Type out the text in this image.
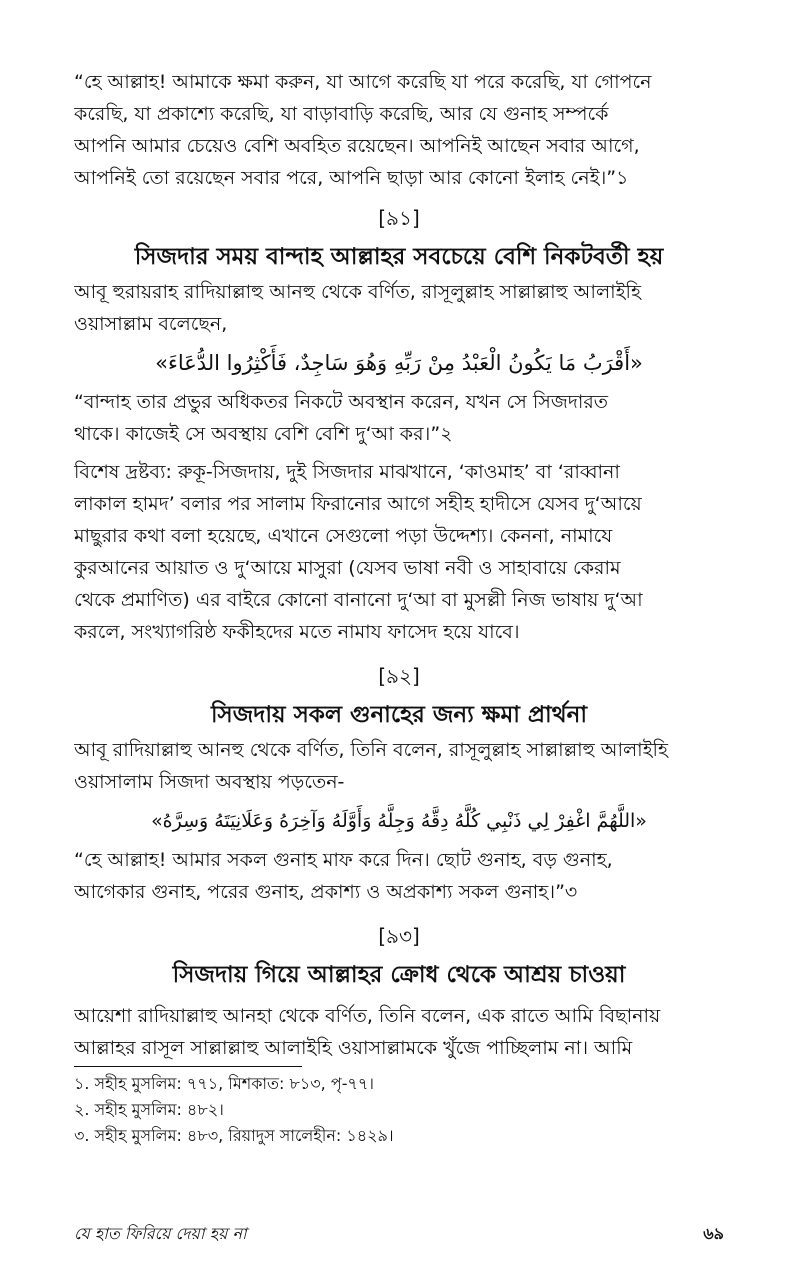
“হে আল্লাহ! আমাকে ক্ষমা করুন, যা আগে করেছি যা পরে করেছি, যা গোপনে
করেছি, যা প্রকাশ্যে করেছি, যা বাড়াবাড়ি করেছি, আর যে গুনাহ সম্পর্কে
আপনি আমার চেয়েও বেশি অবহিত রয়েছেন। আপনিই আছেন সবার আগে,
আপনিই তো রয়েছেন সবার পরে, আপনি ছাড়া আর কোনো ইলাহ নেই।”১
[৯১]
সিজদার সময় বান্দাহ আল্লাহর সবচেয়ে বেশি নিকটবর্তী হয়
আবূ হুরায়রাহ রাদিয়াল্লাহু আনহু থেকে বর্ণিত, রাসূলুল্লাহ সাল্লাল্লাহু আলাইহি
ওয়াসাল্লাম বলেছেন,
«أَقْرَبُ مَا يَكُونُ الْعَبْدُ مِنْ رَبِّهِ وَهُوَ سَاجِدٌ، فَأَكْثِرُوا الدُّعَاءَ»
“বান্দাহ তার প্রভুর অধিকতর নিকটে অবস্থান করেন, যখন সে সিজদারত
থাকে। কাজেই সে অবস্থায় বেশি বেশি দু‘আ কর।”২
বিশেষ দ্রষ্টব্য: রুকূ-সিজদায়, দুই সিজদার মাঝখানে, ‘কাওমাহ’ বা ‘রাব্বানা
লাকাল হামদ’ বলার পর সালাম ফিরানোর আগে সহীহ হাদীসে যেসব দু‘আয়ে
মাছুরার কথা বলা হয়েছে, এখানে সেগুলো পড়া উদ্দেশ্য। কেননা, নামাযে
কুরআনের আয়াত ও দু‘আয়ে মাসুরা (যেসব ভাষা নবী ও সাহাবায়ে কেরাম
থেকে প্রমাণিত) এর বাইরে কোনো বানানো দু‘আ বা মুসল্লী নিজ ভাষায় দু‘আ
করলে, সংখ্যাগরিষ্ঠ ফকীহদের মতে নামায ফাসেদ হয়ে যাবে।
[৯২]
সিজদায় সকল গুনাহের জন্য ক্ষমা প্রার্থনা
আবূ রাদিয়াল্লাহু আনহু থেকে বর্ণিত, তিনি বলেন, রাসূলুল্লাহ সাল্লাল্লাহু আলাইহি
ওয়াসালাম সিজদা অবস্থায় পড়তেন-
«اللَّهُمَّ اغْفِرْ لِي ذَنْبِي كُلَّهُ دِقَّهُ وَجِلَّهُ وَأَوَّلَهُ وَآخِرَهُ وَعَلَانِيَتَهُ وَسِرَّهُ»
“হে আল্লাহ! আমার সকল গুনাহ মাফ করে দিন। ছোট গুনাহ, বড় গুনাহ,
আগেকার গুনাহ, পরের গুনাহ, প্রকাশ্য ও অপ্রকাশ্য সকল গুনাহ।”৩
[৯৩]
সিজদায় গিয়ে আল্লাহর ক্রোধ থেকে আশ্রয় চাওয়া
আয়েশা রাদিয়াল্লাহু আনহা থেকে বর্ণিত, তিনি বলেন, এক রাতে আমি বিছানায়
আল্লাহর রাসূল সাল্লাল্লাহু আলাইহি ওয়াসাল্লামকে খুঁজে পাচ্ছিলাম না। আমি
১. সহীহ মুসলিম: ৭৭১, মিশকাত: ৮১৩, পৃ-৭৭।
২. সহীহ মুসলিম: ৪৮২।
৩. সহীহ মুসলিম: ৪৮৩, রিয়াদুস সালেহীন: ১৪২৯।
যে হাত ফিরিয়ে দেয়া হয় না	৬৯
